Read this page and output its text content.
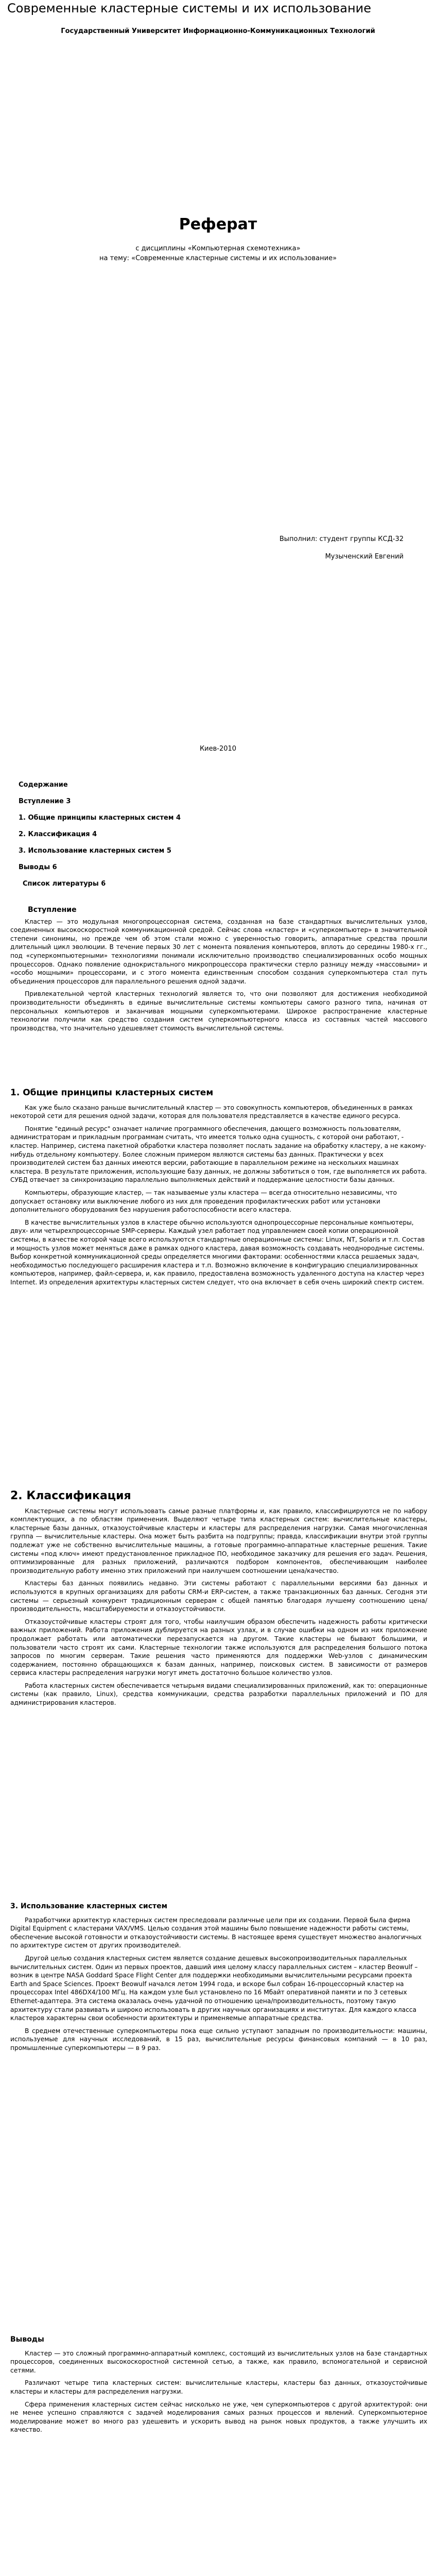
Современные кластерные системы и их использование
Государственный Университет Информационно-Коммуникационных Технологий
Реферат
с дисциплины «Компьютерная схемотехника»
на тему: «Современные кластерные системы и их использование»
Выполнил: студент группы КСД-32
Музыченский Евгений
Киев-2010
Содержание
Вступление 3
1. Общие принципы кластерных систем 4
2. Классификация 4
3. Использование кластерных систем 5
Выводы 6
Список литературы 6
Вступление

Кластер — это модульная многопроцессорная система, созданная на базе стандартных вычислительных узлов, соединенных высокоскоростной коммуникационной средой. Сейчас слова «кластер» и «суперкомпьютер» в значительной степени синонимы, но прежде чем об этом стали можно с уверенностью говорить, аппаратные средства прошли длительный цикл эволюции. В течение первых 30 лет с момента появления компьютеров, вплоть до середины 1980-х гг., под «суперкомпьютерными» технологиями понимали исключительно производство специализированных особо мощных процессоров. Однако появление однокристального микропроцессора практически стерло разницу между «массовыми» и «особо мощными» процессорами, и с этого момента единственным способом создания суперкомпьютера стал путь объединения процессоров для параллельного решения одной задачи.

Привлекательной чертой кластерных технологий является то, что они позволяют для достижения необходимой производительности объединять в единые вычислительные системы компьютеры самого разного типа, начиная от персональных компьютеров и заканчивая мощными суперкомпьютерами. Широкое распространение кластерные технологии получили как средство создания систем суперкомпьютерного класса из составных частей массового производства, что значительно удешевляет стоимость вычислительной системы.

1. Общие принципы кластерных систем

Как уже было сказано раньше вычислительный кластер — это совокупность компьютеров, объединенных в рамках некоторой сети для решения одной задачи, которая для пользователя представляется в качестве единого ресурса.

Понятие "единый ресурс" означает наличие программного обеспечения, дающего возможность пользователям, администраторам и прикладным программам считать, что имеется только одна сущность, с которой они работают, - кластер. Например, система пакетной обработки кластера позволяет послать задание на обработку кластеру, а не какому-нибудь отдельному компьютеру. Более сложным примером являются системы баз данных. Практически у всех производителей систем баз данных имеются версии, работающие в параллельном режиме на нескольких машинах кластера. В результате приложения, использующие базу данных, не должны заботиться о том, где выполняется их работа. СУБД отвечает за синхронизацию параллельно выполняемых действий и поддержание целостности базы данных.

Компьютеры, образующие кластер, — так называемые узлы кластера — всегда относительно независимы, что допускает остановку или выключение любого из них для проведения профилактических работ или установки дополнительного оборудования без нарушения работоспособности всего кластера.

В качестве вычислительных узлов в кластере обычно используются однопроцессорные персональные компьютеры, двух- или четырехпроцессорные SMP-серверы. Каждый узел работает под управлением своей копии операционной системы, в качестве которой чаще всего используются стандартные операционные системы: Linux, NT, Solaris и т.п. Состав и мощность узлов может меняться даже в рамках одного кластера, давая возможность создавать неоднородные системы. Выбор конкретной коммуникационной среды определяется многими факторами: особенностями класса решаемых задач, необходимостью последующего расширения кластера и т.п. Возможно включение в конфигурацию специализированных компьютеров, например, файл-сервера, и, как правило, предоставлена возможность удаленного доступа на кластер через Internet. Из определения архитектуры кластерных систем следует, что она включает в себя очень широкий спектр систем.

2. Классификация

Кластерные системы могут использовать самые разные платформы и, как правило, классифицируются не по набору комплектующих, а по областям применения. Выделяют четыре типа кластерных систем: вычислительные кластеры, кластерные базы данных, отказоустойчивые кластеры и кластеры для распределения нагрузки. Самая многочисленная группа — вычислительные кластеры. Она может быть разбита на подгруппы; правда, классификации внутри этой группы подлежат уже не собственно вычислительные машины, а готовые программно-аппаратные кластерные решения. Такие системы «под ключ» имеют предустановленное прикладное ПО, необходимое заказчику для решения его задач. Решения, оптимизированные для разных приложений, различаются подбором компонентов, обеспечивающим наиболее производительную работу именно этих приложений при наилучшем соотношении цена/качество.

Кластеры баз данных появились недавно. Эти системы работают с параллельными версиями баз данных и используются в крупных организациях для работы CRM-и ERP-систем, а также транзакционных баз данных. Сегодня эти системы — серьезный конкурент традиционным серверам с общей памятью благодаря лучшему соотношению цена/производительность, масштабируемости и отказоустойчивости.

Отказоустойчивые кластеры строят для того, чтобы наилучшим образом обеспечить надежность работы критически важных приложений. Работа приложения дублируется на разных узлах, и в случае ошибки на одном из них приложение продолжает работать или автоматически перезапускается на другом. Такие кластеры не бывают большими, и пользователи часто строят их сами. Кластерные технологии также используются для распределения большого потока запросов по многим серверам. Такие решения часто применяются для поддержки Web-узлов с динамическим содержанием, постоянно обращающихся к базам данных, например, поисковых систем. В зависимости от размеров сервиса кластеры распределения нагрузки могут иметь достаточно большое количество узлов.

Работа кластерных систем обеспечивается четырьмя видами специализированных приложений, как то: операционные системы (как правило, Linux), средства коммуникации, средства разработки параллельных приложений и ПО для администрирования кластеров.

3. Использование кластерных систем

Разработчики архитектур кластерных систем преследовали различные цели при их создании. Первой была фирма Digital Equipment с кластерами VAX/VMS. Целью создания этой машины было повышение надежности работы системы, обеспечение высокой готовности и отказоустойчивости системы. В настоящее время существует множество аналогичных по архитектуре систем от других производителей.

Другой целью создания кластерных систем является создание дешевых высокопроизводительных параллельных вычислительных систем. Один из первых проектов, давший имя целому классу параллельных систем – кластер Beowulf – возник в центре NASA Goddard Space Flight Center для поддержки необходимыми вычислительными ресурсами проекта Earth and Space Sciences. Проект Beowulf начался летом 1994 года, и вскоре был собран 16-процессорный кластер на процессорах Intel 486DX4/100 МГц. На каждом узле был установлено по 16 Мбайт оперативной памяти и по 3 сетевых Ethernet-адаптера. Эта система оказалась очень удачной по отношению цена/производительность, поэтому такую архитектуру стали развивать и широко использовать в других научных организациях и институтах. Для каждого класса кластеров характерны свои особенности архитектуры и применяемые аппаратные средства.

В среднем отечественные суперкомпьютеры пока еще сильно уступают западным по производительности: машины, используемые для научных исследований, в 15 раз, вычислительные ресурсы финансовых компаний — в 10 раз, промышленные суперкомпьютеры — в 9 раз.

Выводы

Кластер — это сложный программно-аппаратный комплекс, состоящий из вычислительных узлов на базе стандартных процессоров, соединенных высокоскоростной системной сетью, а также, как правило, вспомогательной и сервисной сетями.

Различают четыре типа кластерных систем: вычислительные кластеры, кластеры баз данных, отказоустойчивые кластеры и кластеры для распределения нагрузки.

Сфера применения кластерных систем сейчас нисколько не уже, чем суперкомпьютеров с другой архитектурой: они не менее успешно справляются с задачей моделирования самых разных процессов и явлений. Суперкомпьютерное моделирование может во много раз удешевить и ускорить вывод на рынок новых продуктов, а также улучшить их качество.
